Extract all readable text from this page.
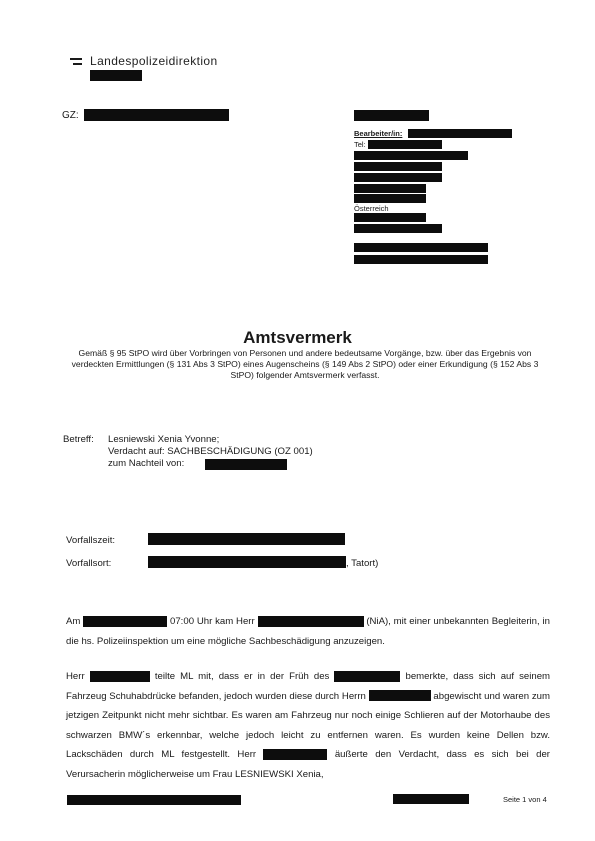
Landespolizeidirektion
GZ:
Bearbeiter/in:
Tel:
Österreich
Amtsvermerk
Gemäß § 95 StPO wird über Vorbringen von Personen und andere bedeutsame Vorgänge, bzw. über das Ergebnis von verdeckten Ermittlungen (§ 131 Abs 3 StPO) eines Augenscheins (§ 149 Abs 2 StPO) oder einer Erkundigung (§ 152 Abs 3 StPO) folgender Amtsvermerk verfasst.
Betreff: Lesniewski Xenia Yvonne;
Verdacht auf: SACHBESCHÄDIGUNG (OZ 001)
zum Nachteil von:
Vorfallszeit:
Vorfallsort:	, Tatort)
Am	07:00 Uhr kam Herr	(NiA), mit einer unbekannten Begleiterin, in die hs. Polizeiinspektion um eine mögliche Sachbeschädigung anzuzeigen.
Herr	teilte ML mit, dass er in der Früh des	bemerkte, dass sich auf seinem Fahrzeug Schuhabdrücke befanden, jedoch wurden diese durch Herrn	abgewischt und waren zum jetzigen Zeitpunkt nicht mehr sichtbar. Es waren am Fahrzeug nur noch einige Schlieren auf der Motorhaube des schwarzen BMW´s erkennbar, welche jedoch leicht zu entfernen waren. Es wurden keine Dellen bzw. Lackschäden durch ML festgestellt. Herr	äußerte den Verdacht, dass es sich bei der Verursacherin möglicherweise um Frau LESNIEWSKI Xenia,
Seite 1 von 4
